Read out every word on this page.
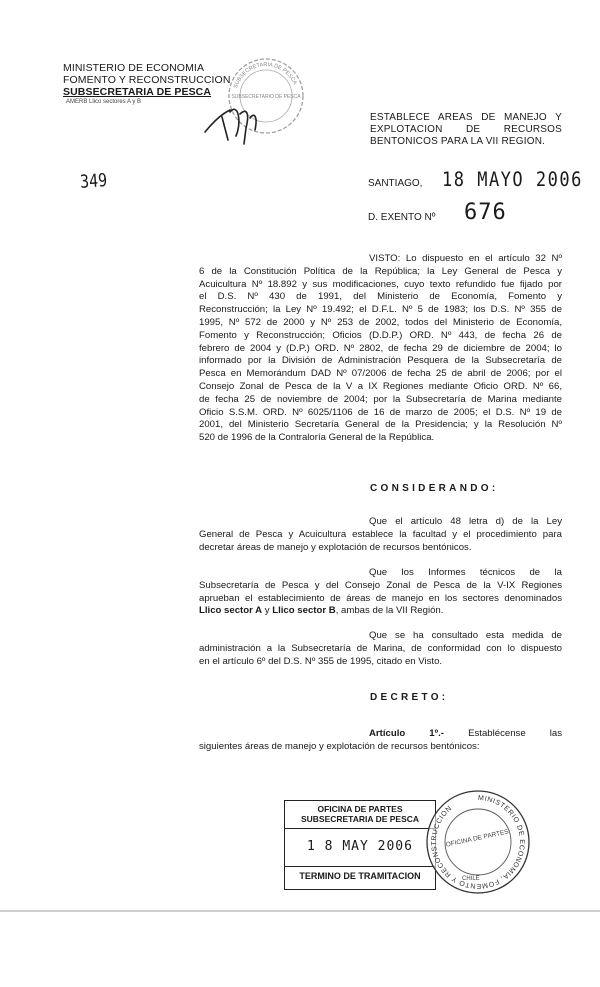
MINISTERIO DE ECONOMIA
FOMENTO Y RECONSTRUCCION
SUBSECRETARIA DE PESCA
AMERB Llico sectores A y B
SUBSECRETARIA DE PESCA
SUBSECRETARIO DE PESCA
349
ESTABLECE AREAS DE MANEJO Y
EXPLOTACION DE RECURSOS
BENTONICOS PARA LA VII REGION.
SANTIAGO, 18 MAYO 2006
D. EXENTO Nº 676
VISTO: Lo dispuesto en el artículo 32 Nº
6 de la Constitución Política de la República; la Ley General de Pesca y
Acuicultura Nº 18.892 y sus modificaciones, cuyo texto refundido fue fijado por
el D.S. Nº 430 de 1991, del Ministerio de Economía, Fomento y
Reconstrucción; la Ley Nº 19.492; el D.F.L. Nº 5 de 1983; los D.S. Nº 355 de
1995, Nº 572 de 2000 y Nº 253 de 2002, todos del Ministerio de Economía,
Fomento y Reconstrucción; Oficios (D.D.P.) ORD. Nº 443, de fecha 26 de
febrero de 2004 y (D.P.) ORD. Nº 2802, de fecha 29 de diciembre de 2004; lo
informado por la División de Administración Pesquera de la Subsecretaría de
Pesca en Memorándum DAD Nº 07/2006 de fecha 25 de abril de 2006; por el
Consejo Zonal de Pesca de la V a IX Regiones mediante Oficio ORD. Nº 66,
de fecha 25 de noviembre de 2004; por la Subsecretaría de Marina mediante
Oficio S.S.M. ORD. Nº 6025/1106 de 16 de marzo de 2005; el D.S. Nº 19 de
2001, del Ministerio Secretaría General de la Presidencia; y la Resolución Nº
520 de 1996 de la Contraloría General de la República.
CONSIDERANDO:
Que el artículo 48 letra d) de la Ley
General de Pesca y Acuicultura establece la facultad y el procedimiento para
decretar áreas de manejo y explotación de recursos bentónicos.
Que los Informes técnicos de la
Subsecretaría de Pesca y del Consejo Zonal de Pesca de la V-IX Regiones
aprueban el establecimiento de áreas de manejo en los sectores denominados
Llico sector A y Llico sector B, ambas de la VII Región.
Que se ha consultado esta medida de
administración a la Subsecretaría de Marina, de conformidad con lo dispuesto
en el artículo 6º del D.S. Nº 355 de 1995, citado en Visto.
DECRETO:
Artículo 1º.-	Establécense las
siguientes áreas de manejo y explotación de recursos bentónicos:
OFICINA DE PARTES
SUBSECRETARIA DE PESCA
1 8 MAY 2006
TERMINO DE TRAMITACION
MINISTERIO DE ECONOMIA, FOMENTO Y RECONSTRUCCION
OFICINA DE PARTES
CHILE
